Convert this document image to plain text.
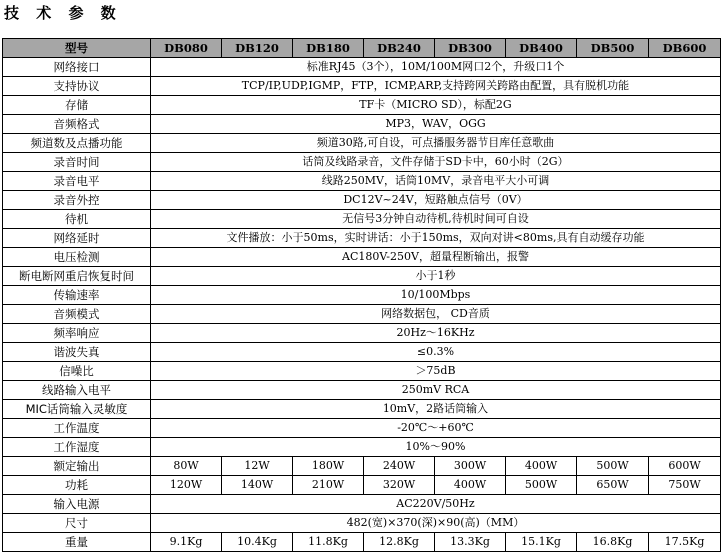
技 术 参 数
型号	DB080	DB120	DB180	DB240	DB300	DB400	DB500	DB600
网络接口	标准RJ45（3个），10M/100M网口2个，升级口1个							
支持协议	TCP/IP,UDP,IGMP，FTP，ICMP,ARP,支持跨网关跨路由配置，具有脱机功能							
存储	TF卡（MICRO SD），标配2G							
音频格式	MP3，WAV，OGG							
频道数及点播功能	频道30路,可自设，可点播服务器节目库任意歌曲							
录音时间	话筒及线路录音，文件存储于SD卡中，60小时（2G）							
录音电平	线路250MV，话筒10MV，录音电平大小可调							
录音外控	DC12V~24V，短路触点信号（0V）							
待机	无信号3分钟自动待机,待机时间可自设							
网络延时	文件播放：小于50ms，实时讲话：小于150ms，双向对讲<80ms,具有自动缓存功能							
电压检测	AC180V-250V，超量程断输出，报警							
断电断网重启恢复时间	小于1秒							
传输速率	10/100Mbps							
音频模式	网络数据包， CD音质							
频率响应	20Hz～16KHz							
谐波失真	≤0.3%							
信噪比	＞75dB							
线路输入电平	250mV RCA							
MIC话筒输入灵敏度	10mV，2路话筒输入							
工作温度	-20℃～+60℃							
工作湿度	10%～90%							
额定输出	80W	12W	180W	240W	300W	400W	500W	600W
功耗	120W	140W	210W	320W	400W	500W	650W	750W
输入电源	AC220V/50Hz							
尺寸	482(宽)×370(深)×90(高)（MM）							
重量	9.1Kg	10.4Kg	11.8Kg	12.8Kg	13.3Kg	15.1Kg	16.8Kg	17.5Kg
